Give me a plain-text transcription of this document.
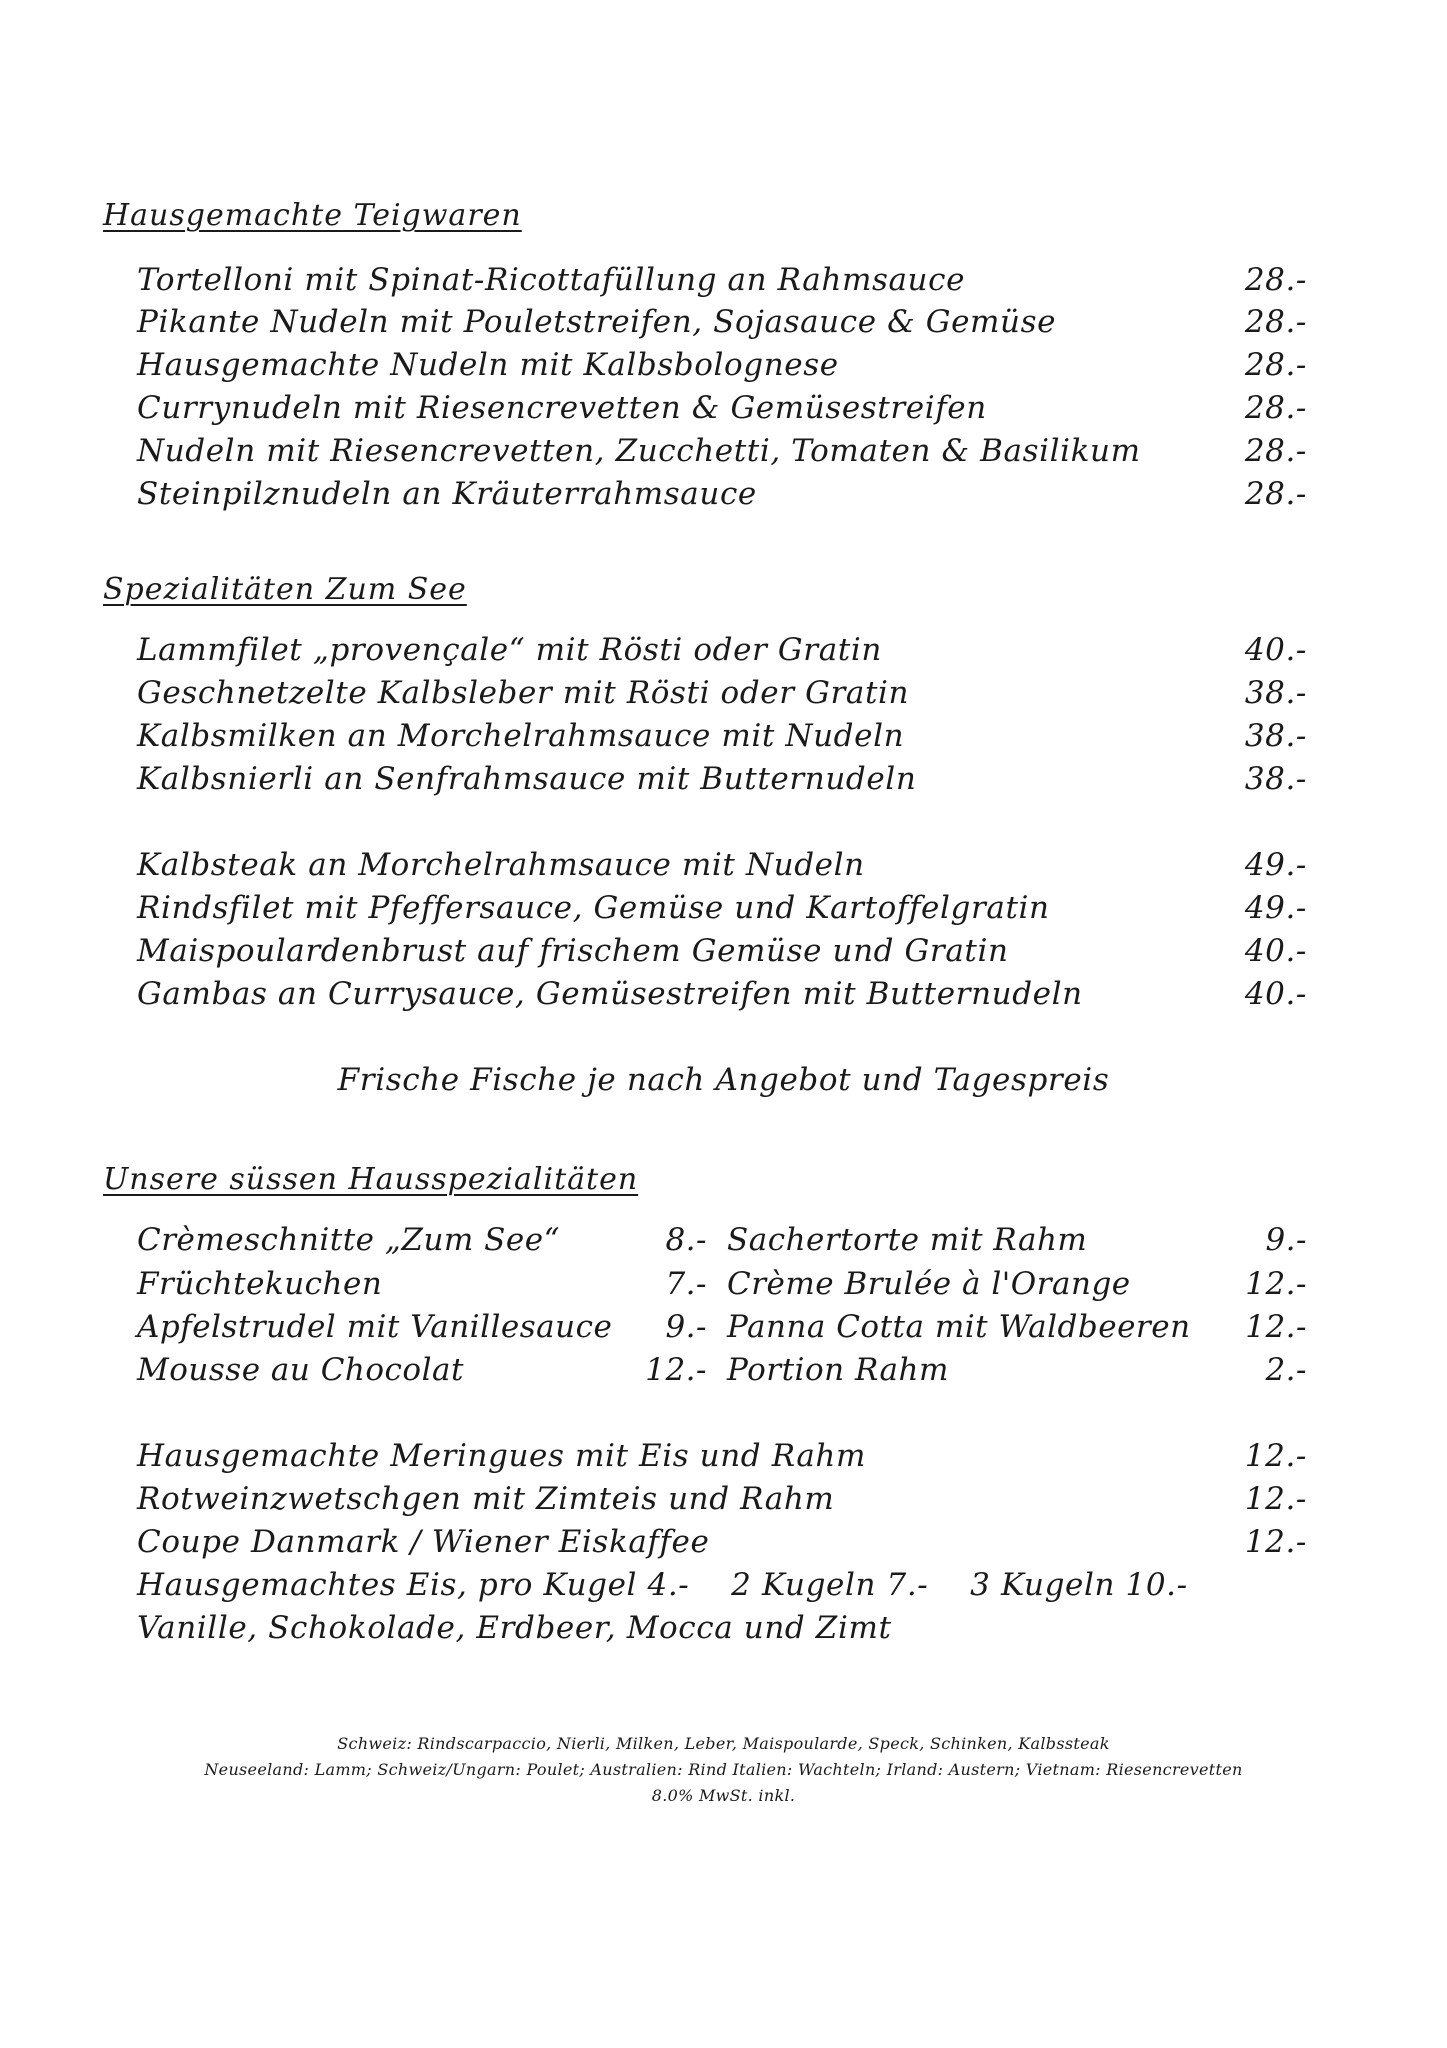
Hausgemachte Teigwaren
Tortelloni mit Spinat-Ricottafüllung an Rahmsauce	28.-
Pikante Nudeln mit Pouletstreifen, Sojasauce & Gemüse	28.-
Hausgemachte Nudeln mit Kalbsbolognese	28.-
Currynudeln mit Riesencrevetten & Gemüsestreifen	28.-
Nudeln mit Riesencrevetten, Zucchetti, Tomaten & Basilikum	28.-
Steinpilznudeln an Kräuterrahmsauce	28.-
Spezialitäten Zum See
Lammfilet „provençale“ mit Rösti oder Gratin	40.-
Geschnetzelte Kalbsleber mit Rösti oder Gratin	38.-
Kalbsmilken an Morchelrahmsauce mit Nudeln	38.-
Kalbsnierli an Senfrahmsauce mit Butternudeln	38.-
Kalbsteak an Morchelrahmsauce mit Nudeln	49.-
Rindsfilet mit Pfeffersauce, Gemüse und Kartoffelgratin	49.-
Maispoulardenbrust auf frischem Gemüse und Gratin	40.-
Gambas an Currysauce, Gemüsestreifen mit Butternudeln	40.-
Frische Fische je nach Angebot und Tagespreis
Unsere süssen Hausspezialitäten
Crèmeschnitte „Zum See“	8.- Sachertorte mit Rahm	9.-
Früchtekuchen	7.- Crème Brulée à l'Orange	12.-
Apfelstrudel mit Vanillesauce 9.- Panna Cotta mit Waldbeeren 12.-
Mousse au Chocolat	12.- Portion Rahm	2.-
Hausgemachte Meringues mit Eis und Rahm	12.-
Rotweinzwetschgen mit Zimteis und Rahm	12.-
Coupe Danmark / Wiener Eiskaffee	12.-
Hausgemachtes Eis, pro Kugel 4.-    2 Kugeln 7.-    3 Kugeln 10.-
Vanille, Schokolade, Erdbeer, Mocca und Zimt
Schweiz: Rindscarpaccio, Nierli, Milken, Leber, Maispoularde, Speck, Schinken, Kalbssteak
Neuseeland: Lamm; Schweiz/Ungarn: Poulet; Australien: Rind Italien: Wachteln; Irland: Austern; Vietnam: Riesencrevetten
8.0% MwSt. inkl.
